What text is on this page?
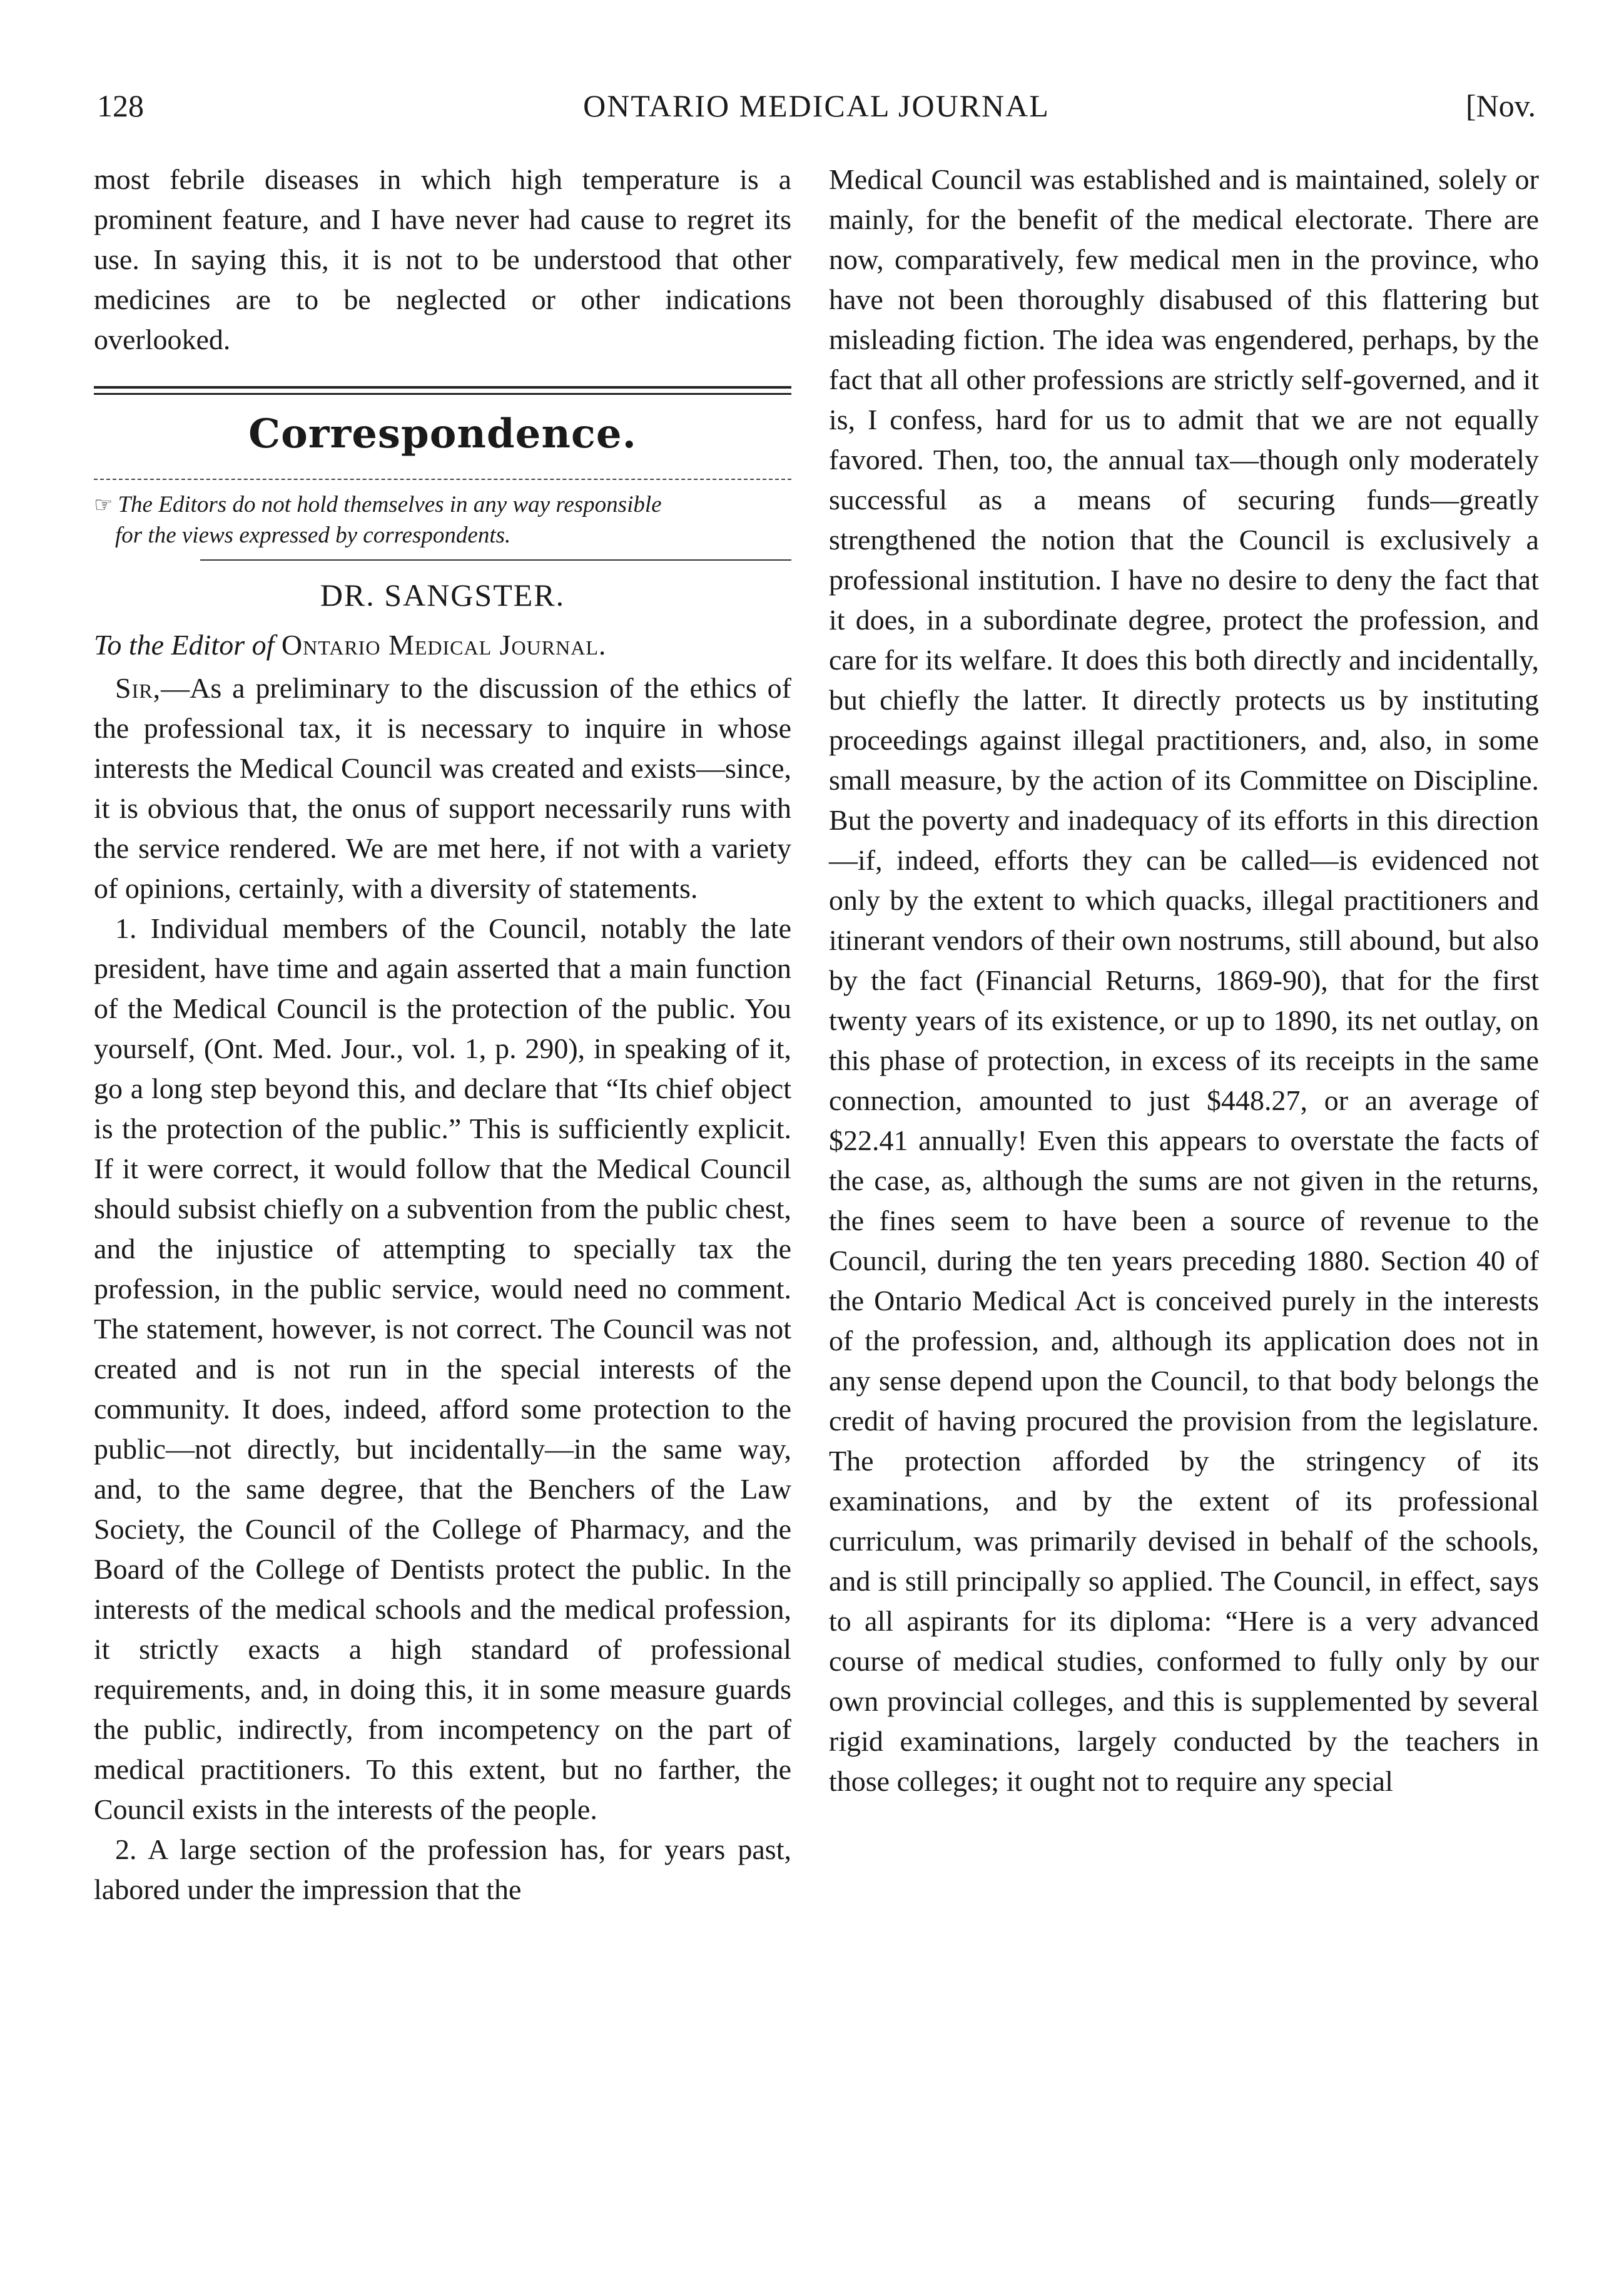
128	ONTARIO MEDICAL JOURNAL	[Nov.

most febrile diseases in which high temperature is a prominent feature, and I have never had cause to regret its use. In saying this, it is not to be understood that other medicines are to be neglected or other indications overlooked.

Correspondence.
☞ The Editors do not hold themselves in any way responsible
for the views expressed by correspondents.
DR. SANGSTER.
To the Editor of Ontario Medical Journal.

Sir,—As a preliminary to the discussion of the ethics of the professional tax, it is necessary to inquire in whose interests the Medical Council was created and exists—since, it is obvious that, the onus of support necessarily runs with the service rendered. We are met here, if not with a variety of opinions, certainly, with a diversity of statements.

1. Individual members of the Council, notably the late president, have time and again asserted that a main function of the Medical Council is the protection of the public. You yourself, (Ont. Med. Jour., vol. 1, p. 290), in speaking of it, go a long step beyond this, and declare that “Its chief object is the protection of the public.” This is sufficiently explicit. If it were correct, it would follow that the Medical Council should subsist chiefly on a subvention from the public chest, and the injustice of attempting to specially tax the profession, in the public service, would need no comment. The statement, however, is not correct. The Council was not created and is not run in the special interests of the community. It does, indeed, afford some protection to the public—not directly, but incidentally—in the same way, and, to the same degree, that the Benchers of the Law Society, the Council of the College of Pharmacy, and the Board of the College of Dentists protect the public. In the interests of the medical schools and the medical profession, it strictly exacts a high standard of professional requirements, and, in doing this, it in some measure guards the public, indirectly, from incompetency on the part of medical practitioners. To this extent, but no farther, the Council exists in the interests of the people.

2. A large section of the profession has, for years past, labored under the impression that the

Medical Council was established and is maintained, solely or mainly, for the benefit of the medical electorate. There are now, comparatively, few medical men in the province, who have not been thoroughly disabused of this flattering but misleading fiction. The idea was engendered, perhaps, by the fact that all other professions are strictly self-governed, and it is, I confess, hard for us to admit that we are not equally favored. Then, too, the annual tax—though only moderately successful as a means of securing funds—greatly strengthened the notion that the Council is exclusively a professional institution. I have no desire to deny the fact that it does, in a subordinate degree, protect the profession, and care for its welfare. It does this both directly and incidentally, but chiefly the latter. It directly protects us by instituting proceedings against illegal practitioners, and, also, in some small measure, by the action of its Committee on Discipline. But the poverty and inadequacy of its efforts in this direction—if, indeed, efforts they can be called—is evidenced not only by the extent to which quacks, illegal practitioners and itinerant vendors of their own nostrums, still abound, but also by the fact (Financial Returns, 1869-90), that for the first twenty years of its existence, or up to 1890, its net outlay, on this phase of protection, in excess of its receipts in the same connection, amounted to just $448.27, or an average of $22.41 annually! Even this appears to overstate the facts of the case, as, although the sums are not given in the returns, the fines seem to have been a source of revenue to the Council, during the ten years preceding 1880. Section 40 of the Ontario Medical Act is conceived purely in the interests of the profession, and, although its application does not in any sense depend upon the Council, to that body belongs the credit of having procured the provision from the legislature. The protection afforded by the stringency of its examinations, and by the extent of its professional curriculum, was primarily devised in behalf of the schools, and is still principally so applied. The Council, in effect, says to all aspirants for its diploma: “Here is a very advanced course of medical studies, conformed to fully only by our own provincial colleges, and this is supplemented by several rigid examinations, largely conducted by the teachers in those colleges; it ought not to require any special
